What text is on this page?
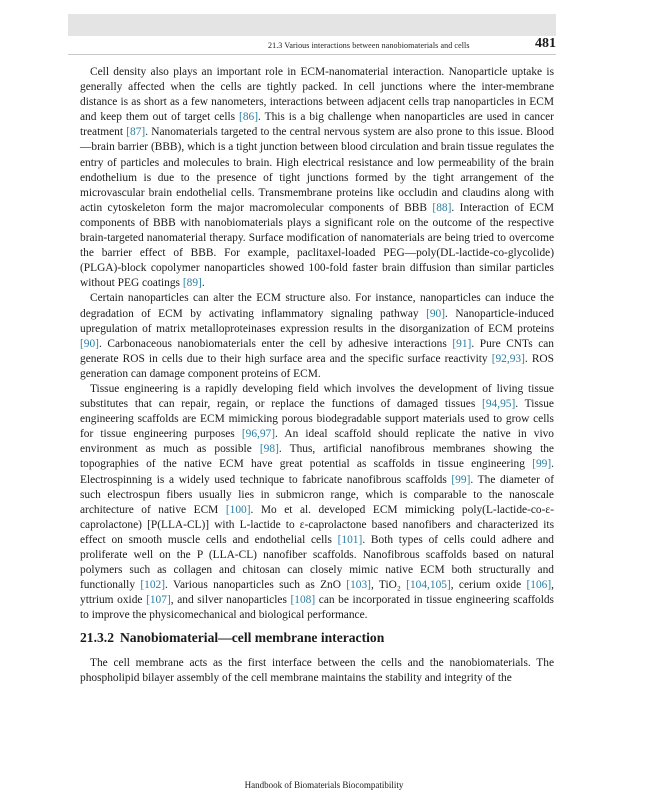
21.3 Various interactions between nanobiomaterials and cells	481

Cell density also plays an important role in ECM-nanomaterial interaction. Nanoparticle uptake is generally affected when the cells are tightly packed. In cell junctions where the inter-membrane distance is as short as a few nanometers, interactions between adjacent cells trap nanoparticles in ECM and keep them out of target cells [86]. This is a big challenge when nanoparticles are used in cancer treatment [87]. Nanomaterials targeted to the central nervous system are also prone to this issue. Blood—brain barrier (BBB), which is a tight junction between blood circulation and brain tissue regulates the entry of particles and molecules to brain. High electrical resistance and low permeability of the brain endothelium is due to the presence of tight junctions formed by the tight arrangement of the microvascular brain endothelial cells. Transmembrane proteins like occludin and claudins along with actin cytoskeleton form the major macromolecular components of BBB [88]. Interaction of ECM components of BBB with nanobiomaterials plays a significant role on the outcome of the respective brain-targeted nanomaterial therapy. Surface modification of nanomaterials are being tried to overcome the barrier effect of BBB. For example, paclitaxel-loaded PEG—poly(DL-lactide-co-glycolide) (PLGA)-block copolymer nanoparticles showed 100-fold faster brain diffusion than similar particles without PEG coatings [89].

Certain nanoparticles can alter the ECM structure also. For instance, nanoparticles can induce the degradation of ECM by activating inflammatory signaling pathway [90]. Nanoparticle-induced upregulation of matrix metalloproteinases expression results in the disorganization of ECM proteins [90]. Carbonaceous nanobiomaterials enter the cell by adhesive interactions [91]. Pure CNTs can generate ROS in cells due to their high surface area and the specific surface reactivity [92,93]. ROS generation can damage component proteins of ECM.

Tissue engineering is a rapidly developing field which involves the development of living tissue substitutes that can repair, regain, or replace the functions of damaged tissues [94,95]. Tissue engineering scaffolds are ECM mimicking porous biodegradable support materials used to grow cells for tissue engineering purposes [96,97]. An ideal scaffold should replicate the native in vivo environment as much as possible [98]. Thus, artificial nanofibrous membranes showing the topographies of the native ECM have great potential as scaffolds in tissue engineering [99]. Electrospinning is a widely used technique to fabricate nanofibrous scaffolds [99]. The diameter of such electrospun fibers usually lies in submicron range, which is comparable to the nanoscale architecture of native ECM [100]. Mo et al. developed ECM mimicking poly(L-lactide-co-ε-caprolactone) [P(LLA-CL)] with L-lactide to ε-caprolactone based nanofibers and characterized its effect on smooth muscle cells and endothelial cells [101]. Both types of cells could adhere and proliferate well on the P (LLA-CL) nanofiber scaffolds. Nanofibrous scaffolds based on natural polymers such as collagen and chitosan can closely mimic native ECM both structurally and functionally [102]. Various nanoparticles such as ZnO [103], TiO₂ [104,105], cerium oxide [106], yttrium oxide [107], and silver nanoparticles [108] can be incorporated in tissue engineering scaffolds to improve the physicomechanical and biological performance.

21.3.2 Nanobiomaterial—cell membrane interaction

The cell membrane acts as the first interface between the cells and the nanobiomaterials. The phospholipid bilayer assembly of the cell membrane maintains the stability and integrity of the

Handbook of Biomaterials Biocompatibility
